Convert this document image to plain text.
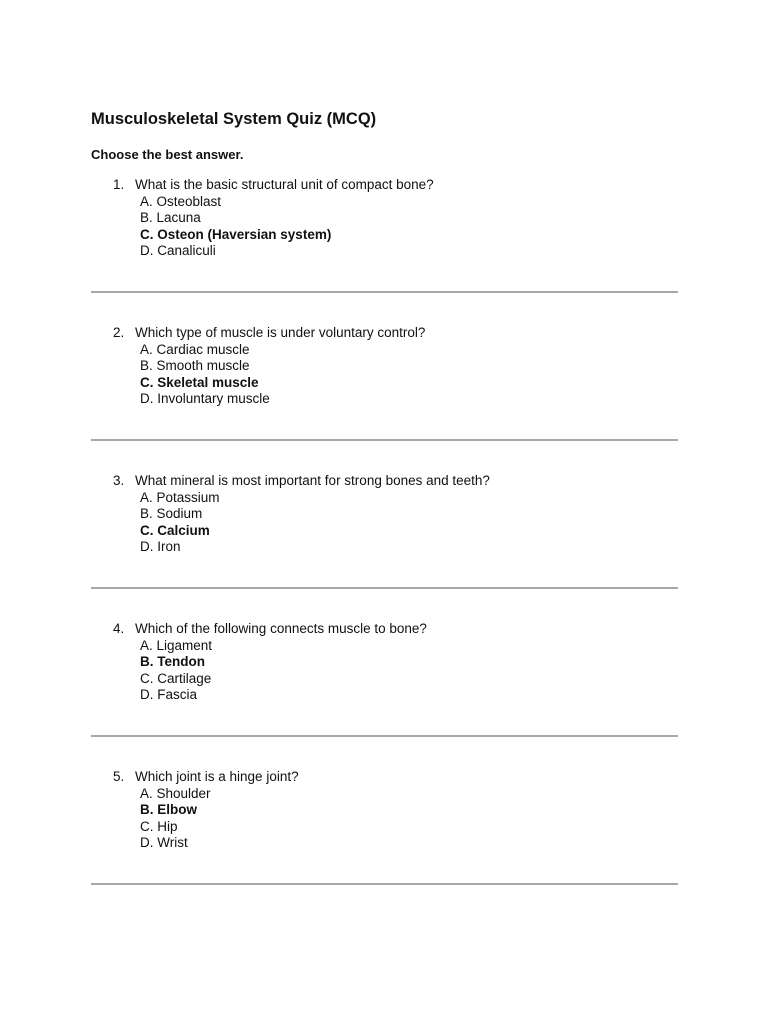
Musculoskeletal System Quiz (MCQ)

Choose the best answer.

1. What is the basic structural unit of compact bone?
A. Osteoblast
B. Lacuna
C. Osteon (Haversian system)
D. Canaliculi
2. Which type of muscle is under voluntary control?
A. Cardiac muscle
B. Smooth muscle
C. Skeletal muscle
D. Involuntary muscle
3. What mineral is most important for strong bones and teeth?
A. Potassium
B. Sodium
C. Calcium
D. Iron
4. Which of the following connects muscle to bone?
A. Ligament
B. Tendon
C. Cartilage
D. Fascia
5. Which joint is a hinge joint?
A. Shoulder
B. Elbow
C. Hip
D. Wrist
